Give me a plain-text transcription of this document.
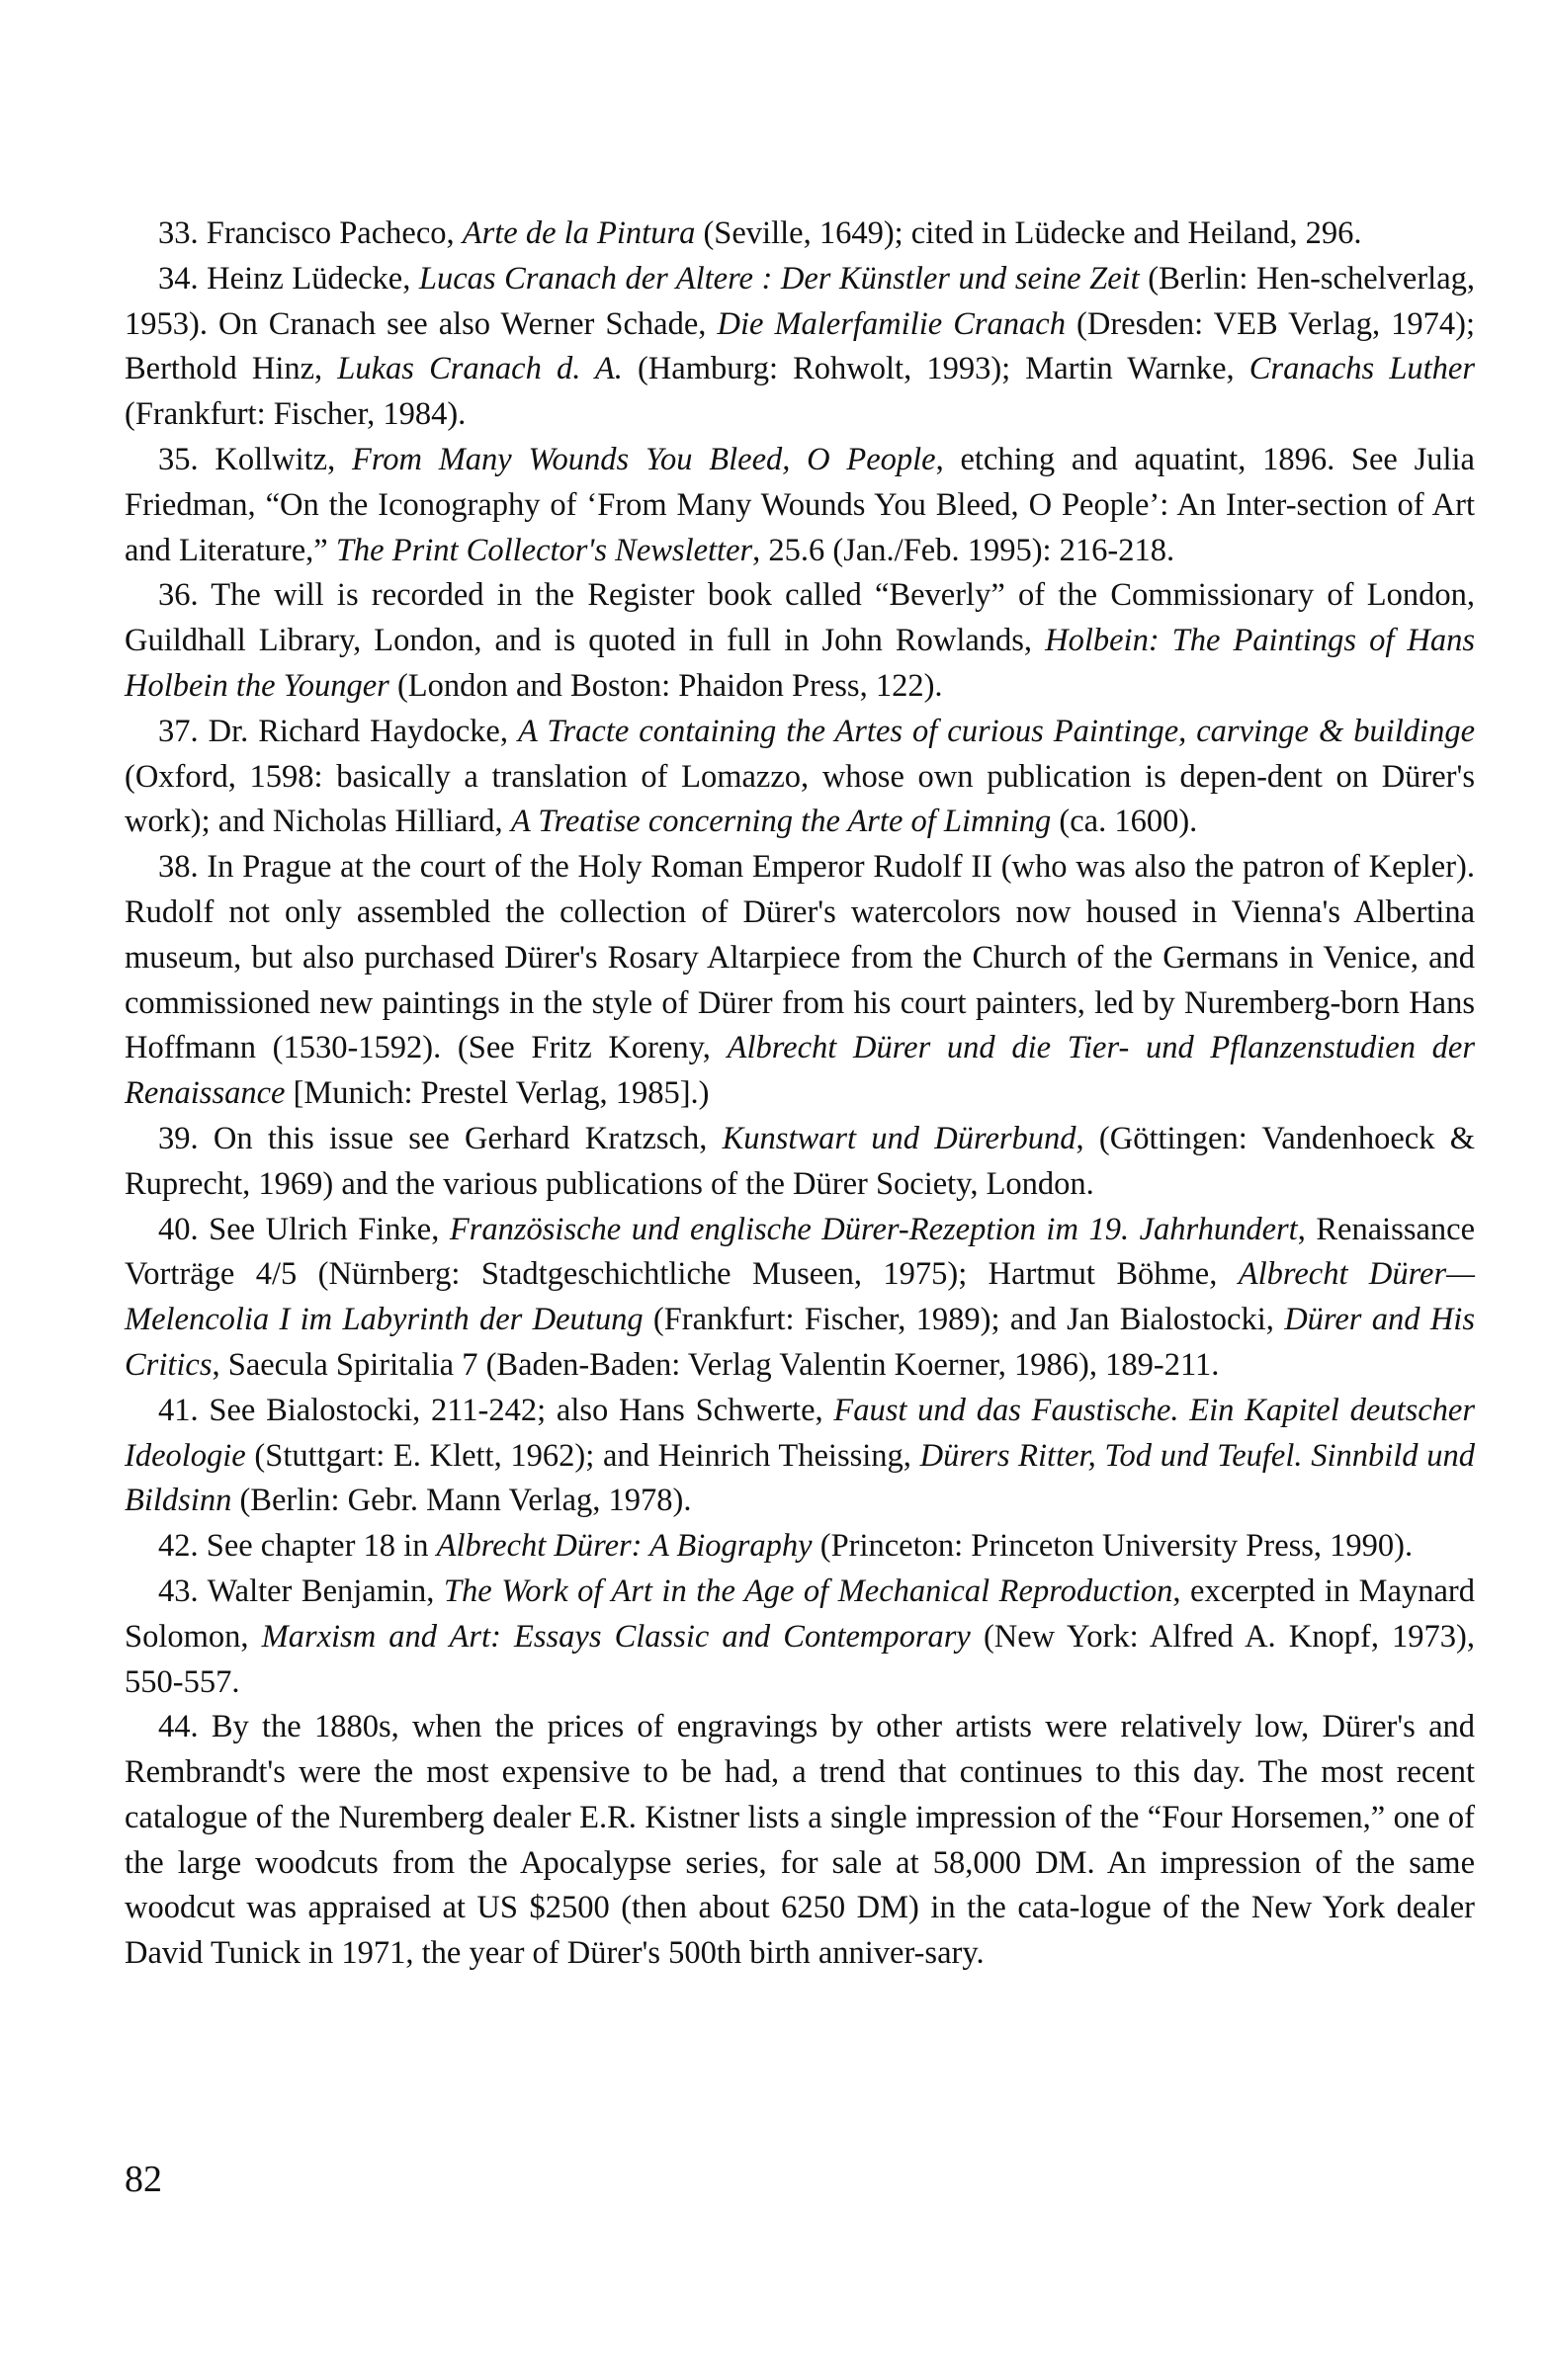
33. Francisco Pacheco, Arte de la Pintura (Seville, 1649); cited in Lüdecke and Heiland, 296.

34. Heinz Lüdecke, Lucas Cranach der Altere : Der Künstler und seine Zeit (Berlin: Hen-schelverlag, 1953). On Cranach see also Werner Schade, Die Malerfamilie Cranach (Dresden: VEB Verlag, 1974); Berthold Hinz, Lukas Cranach d. A. (Hamburg: Rohwolt, 1993); Martin Warnke, Cranachs Luther (Frankfurt: Fischer, 1984).

35. Kollwitz, From Many Wounds You Bleed, O People, etching and aquatint, 1896. See Julia Friedman, “On the Iconography of ‘From Many Wounds You Bleed, O People’: An Inter-section of Art and Literature,” The Print Collector's Newsletter, 25.6 (Jan./Feb. 1995): 216-218.

36. The will is recorded in the Register book called “Beverly” of the Commissionary of London, Guildhall Library, London, and is quoted in full in John Rowlands, Holbein: The Paintings of Hans Holbein the Younger (London and Boston: Phaidon Press, 122).

37. Dr. Richard Haydocke, A Tracte containing the Artes of curious Paintinge, carvinge & buildinge (Oxford, 1598: basically a translation of Lomazzo, whose own publication is depen-dent on Dürer's work); and Nicholas Hilliard, A Treatise concerning the Arte of Limning (ca. 1600).

38. In Prague at the court of the Holy Roman Emperor Rudolf II (who was also the patron of Kepler). Rudolf not only assembled the collection of Dürer's watercolors now housed in Vienna's Albertina museum, but also purchased Dürer's Rosary Altarpiece from the Church of the Germans in Venice, and commissioned new paintings in the style of Dürer from his court painters, led by Nuremberg-born Hans Hoffmann (1530-1592). (See Fritz Koreny, Albrecht Dürer und die Tier- und Pflanzenstudien der Renaissance [Munich: Prestel Verlag, 1985].)

39. On this issue see Gerhard Kratzsch, Kunstwart und Dürerbund, (Göttingen: Vandenhoeck & Ruprecht, 1969) and the various publications of the Dürer Society, London.

40. See Ulrich Finke, Französische und englische Dürer-Rezeption im 19. Jahrhundert, Renaissance Vorträge 4/5 (Nürnberg: Stadtgeschichtliche Museen, 1975); Hartmut Böhme, Albrecht Dürer—Melencolia I im Labyrinth der Deutung (Frankfurt: Fischer, 1989); and Jan Bialostocki, Dürer and His Critics, Saecula Spiritalia 7 (Baden-Baden: Verlag Valentin Koerner, 1986), 189-211.

41. See Bialostocki, 211-242; also Hans Schwerte, Faust und das Faustische. Ein Kapitel deutscher Ideologie (Stuttgart: E. Klett, 1962); and Heinrich Theissing, Dürers Ritter, Tod und Teufel. Sinnbild und Bildsinn (Berlin: Gebr. Mann Verlag, 1978).

42. See chapter 18 in Albrecht Dürer: A Biography (Princeton: Princeton University Press, 1990).

43. Walter Benjamin, The Work of Art in the Age of Mechanical Reproduction, excerpted in Maynard Solomon, Marxism and Art: Essays Classic and Contemporary (New York: Alfred A. Knopf, 1973), 550-557.

44. By the 1880s, when the prices of engravings by other artists were relatively low, Dürer's and Rembrandt's were the most expensive to be had, a trend that continues to this day. The most recent catalogue of the Nuremberg dealer E.R. Kistner lists a single impression of the “Four Horsemen,” one of the large woodcuts from the Apocalypse series, for sale at 58,000 DM. An impression of the same woodcut was appraised at US $2500 (then about 6250 DM) in the cata-logue of the New York dealer David Tunick in 1971, the year of Dürer's 500th birth anniver-sary.

82
